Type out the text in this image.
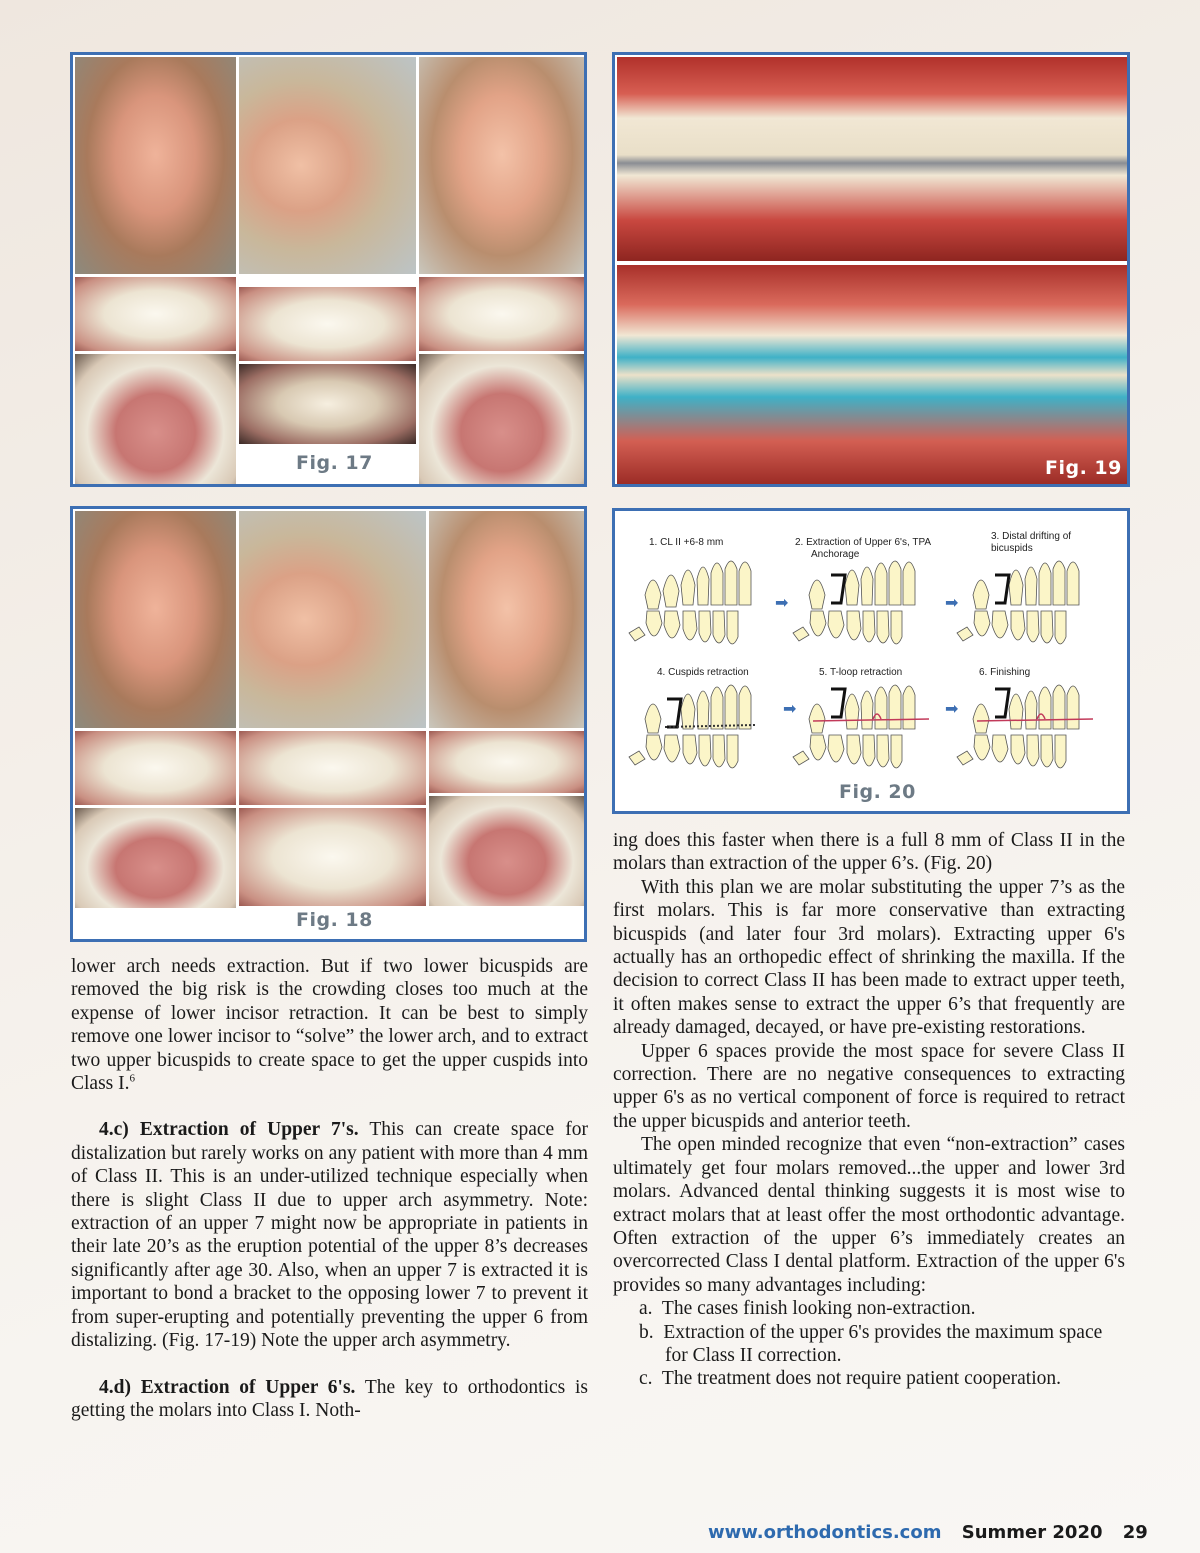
Fig. 17	Fig. 19
Fig. 18
1. CL II +6-8 mm	2. Extraction of Upper 6's, TPA
Anchorage
3. Distal drifting of
bicuspids
4. Cuspids retraction	5. T-loop retraction	6. Finishing
➡	➡
➡	➡
Fig. 20

lower arch needs extraction. But if two lower bicuspids are removed the big risk is the crowding closes too much at the expense of lower incisor retraction. It can be best to simply remove one lower incisor to “solve” the lower arch, and to extract two upper bicuspids to create space to get the upper cuspids into Class I.$^6$

4.c) Extraction of Upper 7's. This can create space for distalization but rarely works on any patient with more than 4 mm of Class II. This is an under-utilized technique especially when there is slight Class II due to upper arch asymmetry. Note: extraction of an upper 7 might now be appropriate in patients in their late 20’s as the eruption potential of the upper 8’s decreases significantly after age 30. Also, when an upper 7 is extracted it is important to bond a bracket to the opposing lower 7 to prevent it from super-erupting and potentially preventing the upper 6 from distalizing. (Fig. 17-19) Note the upper arch asymmetry.

4.d) Extraction of Upper 6's. The key to orthodontics is getting the molars into Class I. Noth-

ing does this faster when there is a full 8 mm of Class II in the molars than extraction of the upper 6’s. (Fig. 20)

With this plan we are molar substituting the upper 7’s as the first molars. This is far more conservative than extracting bicuspids (and later four 3rd molars). Extracting upper 6's actually has an orthopedic effect of shrinking the maxilla. If the decision to correct Class II has been made to extract upper teeth, it often makes sense to extract the upper 6’s that frequently are already damaged, decayed, or have pre-existing restorations.

Upper 6 spaces provide the most space for severe Class II correction. There are no negative consequences to extracting upper 6's as no vertical component of force is required to retract the upper bicuspids and anterior teeth.

The open minded recognize that even “non-extraction” cases ultimately get four molars removed...the upper and lower 3rd molars. Advanced dental thinking suggests it is most wise to extract molars that at least offer the most orthodontic advantage. Often extraction of the upper 6’s immediately creates an overcorrected Class I dental platform. Extraction of the upper 6's provides so many advantages including:

a.  The cases finish looking non-extraction.

b.  Extraction of the upper 6's provides the maximum space for Class II correction.

c.  The treatment does not require patient cooperation.

www.orthodontics.com Summer 2020 29
